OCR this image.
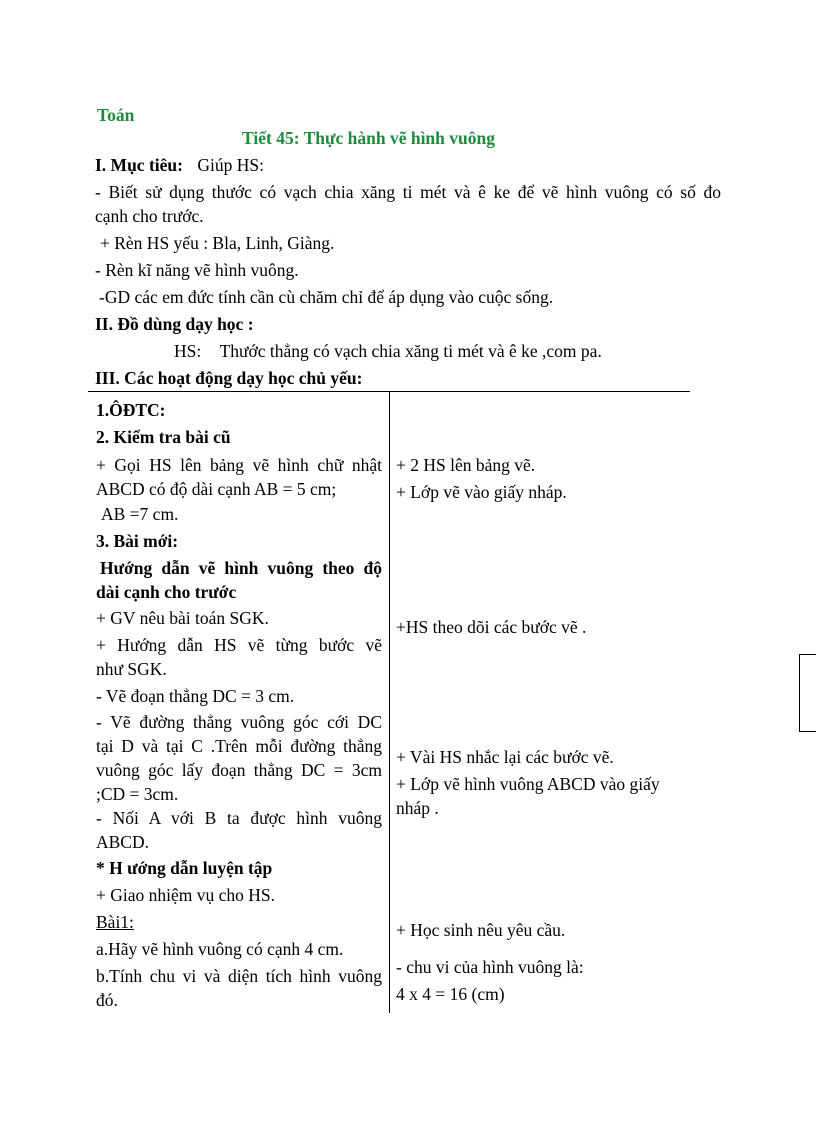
Toán
Tiết 45: Thực hành vẽ hình vuông
I. Mục tiêu: Giúp HS:
- Biết sử dụng thước có vạch chia xăng ti mét và ê ke để vẽ hình vuông có số đo
cạnh cho trước.
+ Rèn HS yếu : Bla, Linh, Giàng.
- Rèn kĩ năng vẽ hình vuông.
-GD các em đức tính cần cù chăm chỉ để áp dụng vào cuộc sống.
II. Đồ dùng dạy học :
HS: Thước thẳng có vạch chia xăng ti mét và ê ke ,com pa.
III. Các hoạt động dạy học chủ yếu:
1.ÔĐTC:
2. Kiểm tra bài cũ
+ Gọi HS lên bảng vẽ hình chữ nhật
ABCD có độ dài cạnh AB = 5 cm;
AB =7 cm.
3. Bài mới:
Hướng dẫn vẽ hình vuông theo độ
dài cạnh cho trước
+ GV nêu bài toán SGK.
+ Hướng dẫn HS vẽ từng bước vẽ
như SGK.
- Vẽ đoạn thẳng DC = 3 cm.
- Vẽ đường thẳng vuông góc cới DC
tại D và tại C .Trên mỗi đường thẳng
vuông góc lấy đoạn thẳng DC = 3cm
;CD = 3cm.
- Nối A với B ta được hình vuông
ABCD.
* H ướng dẫn luyện tập
+ Giao nhiệm vụ cho HS.
Bài1:
a.Hãy vẽ hình vuông có cạnh 4 cm.
b.Tính chu vi và diện tích hình vuông
đó.
+ 2 HS lên bảng vẽ.
+ Lớp vẽ vào giấy nháp.
+HS theo dõi các bước vẽ .
+ Vài HS nhắc lại các bước vẽ.
+ Lớp vẽ hình vuông ABCD vào giấy
nháp .
+ Học sinh nêu yêu cầu.
- chu vi của hình vuông là:
4 x 4 = 16 (cm)
